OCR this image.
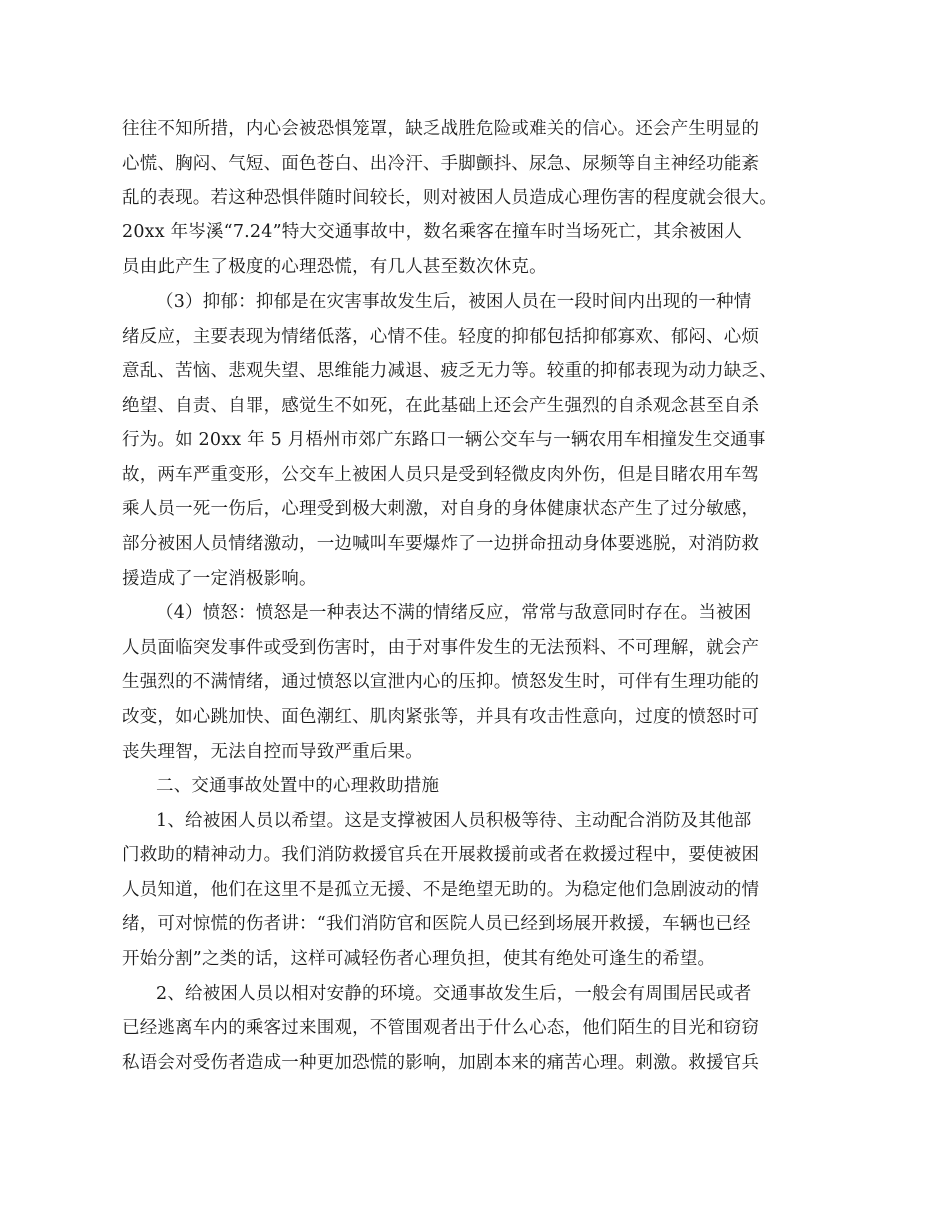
往往不知所措，内心会被恐惧笼罩，缺乏战胜危险或难关的信心。还会产生明显的
心慌、胸闷、气短、面色苍白、出冷汗、手脚颤抖、尿急、尿频等自主神经功能紊
乱的表现。若这种恐惧伴随时间较长，则对被困人员造成心理伤害的程度就会很大。
20xx 年岑溪“7.24”特大交通事故中，数名乘客在撞车时当场死亡，其余被困人
员由此产生了极度的心理恐慌，有几人甚至数次休克。
（3）抑郁：抑郁是在灾害事故发生后，被困人员在一段时间内出现的一种情
绪反应，主要表现为情绪低落，心情不佳。轻度的抑郁包括抑郁寡欢、郁闷、心烦
意乱、苦恼、悲观失望、思维能力减退、疲乏无力等。较重的抑郁表现为动力缺乏、
绝望、自责、自罪，感觉生不如死，在此基础上还会产生强烈的自杀观念甚至自杀
行为。如 20xx 年 5 月梧州市郊广东路口一辆公交车与一辆农用车相撞发生交通事
故，两车严重变形，公交车上被困人员只是受到轻微皮肉外伤，但是目睹农用车驾
乘人员一死一伤后，心理受到极大刺激，对自身的身体健康状态产生了过分敏感，
部分被困人员情绪激动，一边喊叫车要爆炸了一边拼命扭动身体要逃脱，对消防救
援造成了一定消极影响。
（4）愤怒：愤怒是一种表达不满的情绪反应，常常与敌意同时存在。当被困
人员面临突发事件或受到伤害时，由于对事件发生的无法预料、不可理解，就会产
生强烈的不满情绪，通过愤怒以宣泄内心的压抑。愤怒发生时，可伴有生理功能的
改变，如心跳加快、面色潮红、肌肉紧张等，并具有攻击性意向，过度的愤怒时可
丧失理智，无法自控而导致严重后果。
二、交通事故处置中的心理救助措施
1、给被困人员以希望。这是支撑被困人员积极等待、主动配合消防及其他部
门救助的精神动力。我们消防救援官兵在开展救援前或者在救援过程中，要使被困
人员知道，他们在这里不是孤立无援、不是绝望无助的。为稳定他们急剧波动的情
绪，可对惊慌的伤者讲：“我们消防官和医院人员已经到场展开救援，车辆也已经
开始分割”之类的话，这样可减轻伤者心理负担，使其有绝处可逢生的希望。
2、给被困人员以相对安静的环境。交通事故发生后，一般会有周围居民或者
已经逃离车内的乘客过来围观，不管围观者出于什么心态，他们陌生的目光和窃窃
私语会对受伤者造成一种更加恐慌的影响，加剧本来的痛苦心理。刺激。救援官兵
